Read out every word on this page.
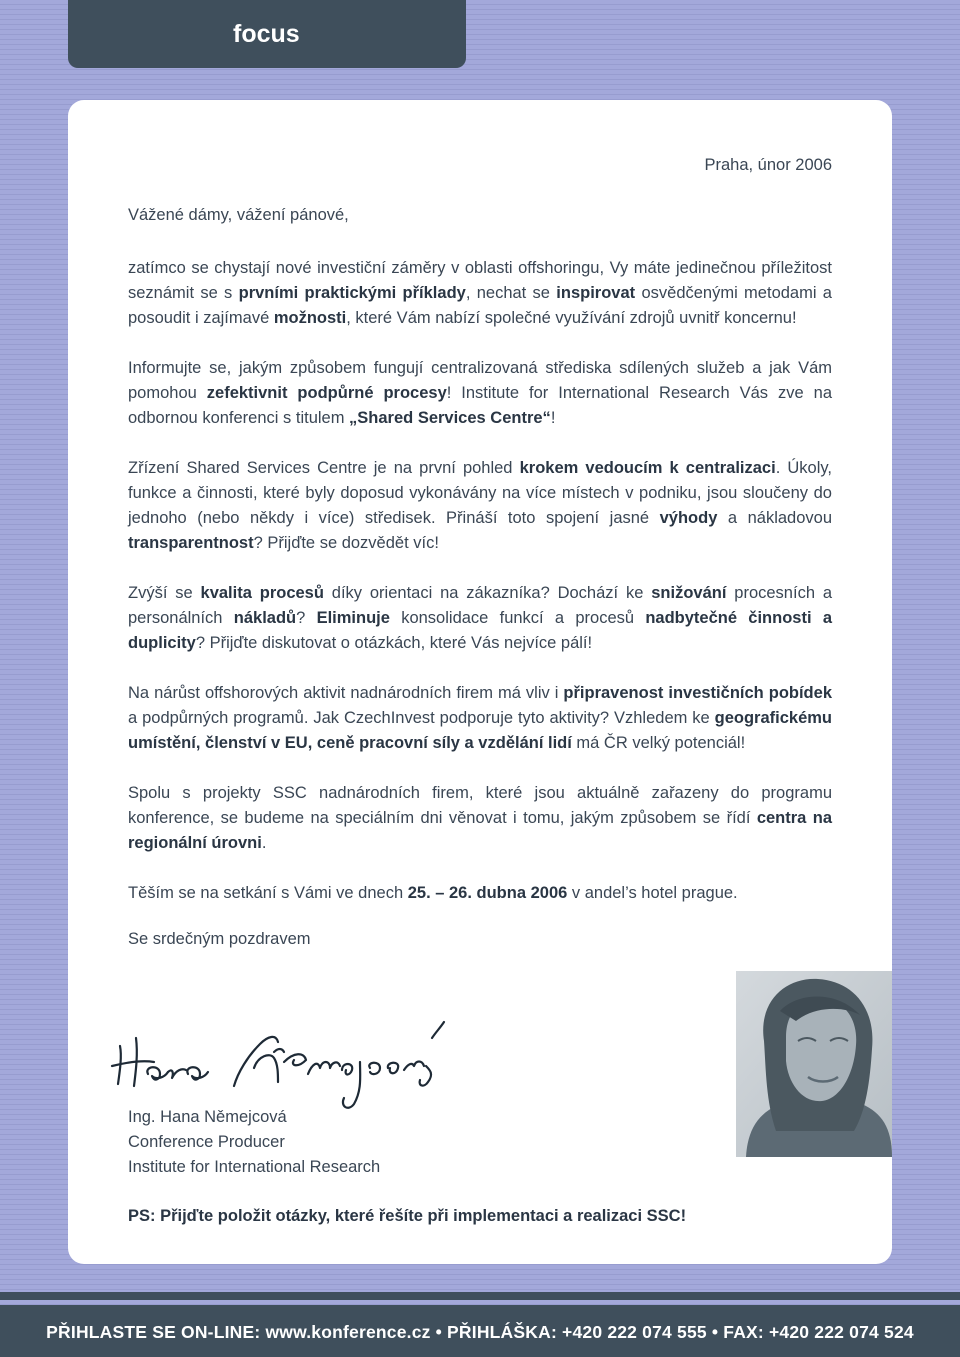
focus
Praha, únor 2006
Vážené dámy, vážení pánové,

zatímco se chystají nové investiční záměry v oblasti offshoringu, Vy máte jedinečnou příležitost seznámit se s prvními praktickými příklady, nechat se inspirovat osvědčenými metodami a posoudit i zajímavé možnosti, které Vám nabízí společné využívání zdrojů uvnitř koncernu!

Informujte se, jakým způsobem fungují centralizovaná střediska sdílených služeb a jak Vám pomohou zefektivnit podpůrné procesy! Institute for International Research Vás zve na odbornou konferenci s titulem „Shared Services Centre“!

Zřízení Shared Services Centre je na první pohled krokem vedoucím k centralizaci. Úkoly, funkce a činnosti, které byly doposud vykonávány na více místech v podniku, jsou sloučeny do jednoho (nebo někdy i více) středisek. Přináší toto spojení jasné výhody a nákladovou transparentnost? Přijďte se dozvědět víc!

Zvýší se kvalita procesů díky orientaci na zákazníka? Dochází ke snižování procesních a personálních nákladů? Eliminuje konsolidace funkcí a procesů nadbytečné činnosti a duplicity? Přijďte diskutovat o otázkách, které Vás nejvíce pálí!

Na nárůst offshorových aktivit nadnárodních firem má vliv i připravenost investičních pobídek a podpůrných programů. Jak CzechInvest podporuje tyto aktivity? Vzhledem ke geografickému umístění, členství v EU, ceně pracovní síly a vzdělání lidí má ČR velký potenciál!

Spolu s projekty SSC nadnárodních firem, které jsou aktuálně zařazeny do programu konference, se budeme na speciálním dni věnovat i tomu, jakým způsobem se řídí centra na regionální úrovni.

Těším se na setkání s Vámi ve dnech 25. – 26. dubna 2006 v andel’s hotel prague.

Se srdečným pozdravem
Ing. Hana Němejcová
Conference Producer
Institute for International Research
PS: Přijďte položit otázky, které řešíte při implementaci a realizaci SSC!
PŘIHLASTE SE ON-LINE: www.konference.cz • PŘIHLÁŠKA: +420 222 074 555 • FAX: +420 222 074 524
